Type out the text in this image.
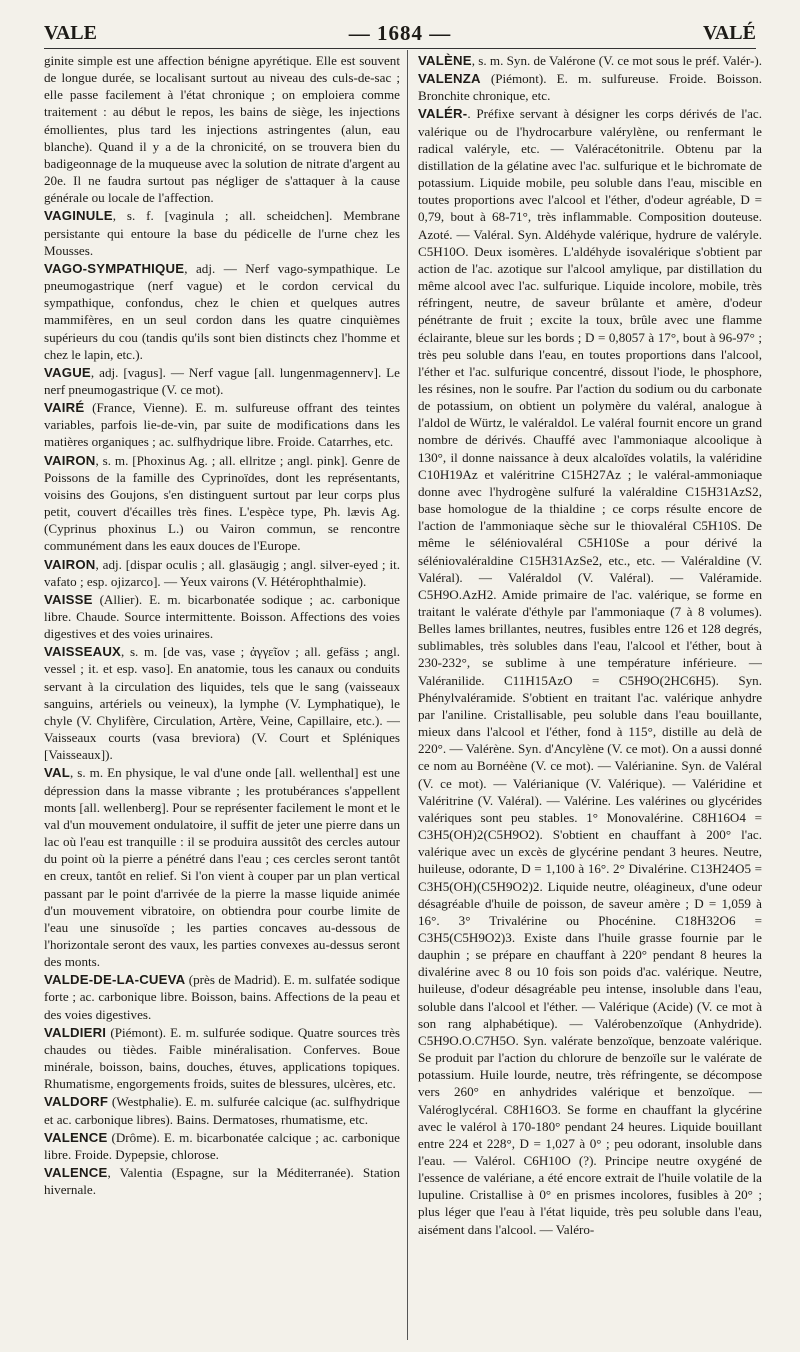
VALE	— 1684 —	VALÉ

ginite simple est une affection bénigne apyrétique. Elle est souvent de longue durée, se localisant surtout au niveau des culs-de-sac ; elle passe facilement à l'état chronique ; on emploiera comme traitement : au début le repos, les bains de siège, les injections émollientes, plus tard les injections astringentes (alun, eau blanche). Quand il y a de la chronicité, on se trouvera bien du badigeonnage de la muqueuse avec la solution de nitrate d'argent au 20e. Il ne faudra surtout pas négliger de s'attaquer à la cause générale ou locale de l'affection.

VAGINULE, s. f. [vaginula ; all. scheidchen]. Membrane persistante qui entoure la base du pédicelle de l'urne chez les Mousses.

VAGO-SYMPATHIQUE, adj. — Nerf vago-sympathique. Le pneumogastrique (nerf vague) et le cordon cervical du sympathique, confondus, chez le chien et quelques autres mammifères, en un seul cordon dans les quatre cinquièmes supérieurs du cou (tandis qu'ils sont bien distincts chez l'homme et chez le lapin, etc.).

VAGUE, adj. [vagus]. — Nerf vague [all. lungenmagennerv]. Le nerf pneumogastrique (V. ce mot).

VAIRÉ (France, Vienne). E. m. sulfureuse offrant des teintes variables, parfois lie-de-vin, par suite de modifications dans les matières organiques ; ac. sulfhydrique libre. Froide. Catarrhes, etc.

VAIRON, s. m. [Phoxinus Ag. ; all. ellritze ; angl. pink]. Genre de Poissons de la famille des Cyprinoïdes, dont les représentants, voisins des Goujons, s'en distinguent surtout par leur corps plus petit, couvert d'écailles très fines. L'espèce type, Ph. lævis Ag. (Cyprinus phoxinus L.) ou Vairon commun, se rencontre communément dans les eaux douces de l'Europe.

VAIRON, adj. [dispar oculis ; all. glasäugig ; angl. silver-eyed ; it. vafato ; esp. ojizarco]. — Yeux vairons (V. Hétérophthalmie).

VAISSE (Allier). E. m. bicarbonatée sodique ; ac. carbonique libre. Chaude. Source intermittente. Boisson. Affections des voies digestives et des voies urinaires.

VAISSEAUX, s. m. [de vas, vase ; ἀγγεῖον ; all. gefäss ; angl. vessel ; it. et esp. vaso]. En anatomie, tous les canaux ou conduits servant à la circulation des liquides, tels que le sang (vaisseaux sanguins, artériels ou veineux), la lymphe (V. Lymphatique), le chyle (V. Chylifère, Circulation, Artère, Veine, Capillaire, etc.). — Vaisseaux courts (vasa breviora) (V. Court et Spléniques [Vaisseaux]).

VAL, s. m. En physique, le val d'une onde [all. wellenthal] est une dépression dans la masse vibrante ; les protubérances s'appellent monts [all. wellenberg]. Pour se représenter facilement le mont et le val d'un mouvement ondulatoire, il suffit de jeter une pierre dans un lac où l'eau est tranquille : il se produira aussitôt des cercles autour du point où la pierre a pénétré dans l'eau ; ces cercles seront tantôt en creux, tantôt en relief. Si l'on vient à couper par un plan vertical passant par le point d'arrivée de la pierre la masse liquide animée d'un mouvement vibratoire, on obtiendra pour courbe limite de l'eau une sinusoïde ; les parties concaves au-dessous de l'horizontale seront des vaux, les parties convexes au-dessus seront des monts.

VALDE-DE-LA-CUEVA (près de Madrid). E. m. sulfatée sodique forte ; ac. carbonique libre. Boisson, bains. Affections de la peau et des voies digestives.

VALDIERI (Piémont). E. m. sulfurée sodique. Quatre sources très chaudes ou tièdes. Faible minéralisation. Conferves. Boue minérale, boisson, bains, douches, étuves, applications topiques. Rhumatisme, engorgements froids, suites de blessures, ulcères, etc.

VALDORF (Westphalie). E. m. sulfurée calcique (ac. sulfhydrique et ac. carbonique libres). Bains. Dermatoses, rhumatisme, etc.

VALENCE (Drôme). E. m. bicarbonatée calcique ; ac. carbonique libre. Froide. Dypepsie, chlorose.

VALENCE, Valentia (Espagne, sur la Méditerranée). Station hivernale.

VALÈNE, s. m. Syn. de Valérone (V. ce mot sous le préf. Valér-).

VALENZA (Piémont). E. m. sulfureuse. Froide. Boisson. Bronchite chronique, etc.

VALÉR-. Préfixe servant à désigner les corps dérivés de l'ac. valérique ou de l'hydrocarbure valérylène, ou renfermant le radical valéryle, etc. — Valéracétonitrile. Obtenu par la distillation de la gélatine avec l'ac. sulfurique et le bichromate de potassium. Liquide mobile, peu soluble dans l'eau, miscible en toutes proportions avec l'alcool et l'éther, d'odeur agréable, D = 0,79, bout à 68-71°, très inflammable. Composition douteuse. Azoté. — Valéral. Syn. Aldéhyde valérique, hydrure de valéryle. C5H10O. Deux isomères. L'aldéhyde isovalérique s'obtient par action de l'ac. azotique sur l'alcool amylique, par distillation du même alcool avec l'ac. sulfurique. Liquide incolore, mobile, très réfringent, neutre, de saveur brûlante et amère, d'odeur pénétrante de fruit ; excite la toux, brûle avec une flamme éclairante, bleue sur les bords ; D = 0,8057 à 17°, bout à 96-97° ; très peu soluble dans l'eau, en toutes proportions dans l'alcool, l'éther et l'ac. sulfurique concentré, dissout l'iode, le phosphore, les résines, non le soufre. Par l'action du sodium ou du carbonate de potassium, on obtient un polymère du valéral, analogue à l'aldol de Würtz, le valéraldol. Le valéral fournit encore un grand nombre de dérivés. Chauffé avec l'ammoniaque alcoolique à 130°, il donne naissance à deux alcaloïdes volatils, la valéridine C10H19Az et valéritrine C15H27Az ; le valéral-ammoniaque donne avec l'hydrogène sulfuré la valéraldine C15H31AzS2, base homologue de la thialdine ; ce corps résulte encore de l'action de l'ammoniaque sèche sur le thiovaléral C5H10S. De même le séléniovaléral C5H10Se a pour dérivé la séléniovaléraldine C15H31AzSe2, etc., etc. — Valéraldine (V. Valéral). — Valéraldol (V. Valéral). — Valéramide. C5H9O.AzH2. Amide primaire de l'ac. valérique, se forme en traitant le valérate d'éthyle par l'ammoniaque (7 à 8 volumes). Belles lames brillantes, neutres, fusibles entre 126 et 128 degrés, sublimables, très solubles dans l'eau, l'alcool et l'éther, bout à 230-232°, se sublime à une température inférieure. — Valéranilide. C11H15AzO = C5H9O(2HC6H5). Syn. Phénylvaléramide. S'obtient en traitant l'ac. valérique anhydre par l'aniline. Cristallisable, peu soluble dans l'eau bouillante, mieux dans l'alcool et l'éther, fond à 115°, distille au delà de 220°. — Valérène. Syn. d'Ancylène (V. ce mot). On a aussi donné ce nom au Bornéène (V. ce mot). — Valérianine. Syn. de Valéral (V. ce mot). — Valérianique (V. Valérique). — Valéridine et Valéritrine (V. Valéral). — Valérine. Les valérines ou glycérides valériques sont peu stables. 1° Monovalérine. C8H16O4 = C3H5(OH)2(C5H9O2). S'obtient en chauffant à 200° l'ac. valérique avec un excès de glycérine pendant 3 heures. Neutre, huileuse, odorante, D = 1,100 à 16°. 2° Divalérine. C13H24O5 = C3H5(OH)(C5H9O2)2. Liquide neutre, oléagineux, d'une odeur désagréable d'huile de poisson, de saveur amère ; D = 1,059 à 16°. 3° Trivalérine ou Phocénine. C18H32O6 = C3H5(C5H9O2)3. Existe dans l'huile grasse fournie par le dauphin ; se prépare en chauffant à 220° pendant 8 heures la divalérine avec 8 ou 10 fois son poids d'ac. valérique. Neutre, huileuse, d'odeur désagréable peu intense, insoluble dans l'eau, soluble dans l'alcool et l'éther. — Valérique (Acide) (V. ce mot à son rang alphabétique). — Valérobenzoïque (Anhydride). C5H9O.O.C7H5O. Syn. valérate benzoïque, benzoate valérique. Se produit par l'action du chlorure de benzoïle sur le valérate de potassium. Huile lourde, neutre, très réfringente, se décompose vers 260° en anhydrides valérique et benzoïque. — Valéroglycéral. C8H16O3. Se forme en chauffant la glycérine avec le valérol à 170-180° pendant 24 heures. Liquide bouillant entre 224 et 228°, D = 1,027 à 0° ; peu odorant, insoluble dans l'eau. — Valérol. C6H10O (?). Principe neutre oxygéné de l'essence de valériane, a été encore extrait de l'huile volatile de la lupuline. Cristallise à 0° en prismes incolores, fusibles à 20° ; plus léger que l'eau à l'état liquide, très peu soluble dans l'eau, aisément dans l'alcool. — Valéro-
